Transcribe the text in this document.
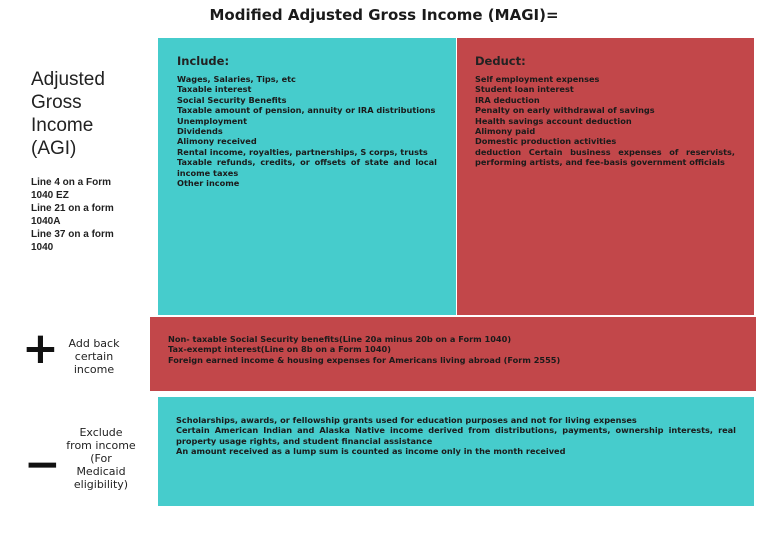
Modified Adjusted Gross Income (MAGI)=
Adjusted
Gross
Income
(AGI)
Line 4 on a Form
1040 EZ
Line 21 on a form
1040A
Line 37 on a form
1040
Include:
Wages, Salaries, Tips, etc
Taxable interest
Social Security Benefits
Taxable amount of pension, annuity or IRA distributions
Unemployment
Dividends
Alimony received
Rental income, royalties, partnerships, S corps, trusts
Taxable refunds, credits, or offsets of state and local income taxes
Other income
Deduct:
Self employment expenses
Student loan interest
IRA deduction
Penalty on early withdrawal of savings
Health savings account deduction
Alimony paid
Domestic production activities
deduction Certain business expenses of reservists, performing artists, and fee-basis government officials
+ Add back
certain
income
Non- taxable Social Security benefits(Line 20a minus 20b on a Form 1040)
Tax-exempt interest(Line on 8b on a Form 1040)
Foreign earned income & housing expenses for Americans living abroad (Form 2555)
−
Exclude
from income
(For
Medicaid
eligibility)
Scholarships, awards, or fellowship grants used for education purposes and not for living expenses
Certain American Indian and Alaska Native income derived from distributions, payments, ownership interests, real property usage rights, and student financial assistance
An amount received as a lump sum is counted as income only in the month received
